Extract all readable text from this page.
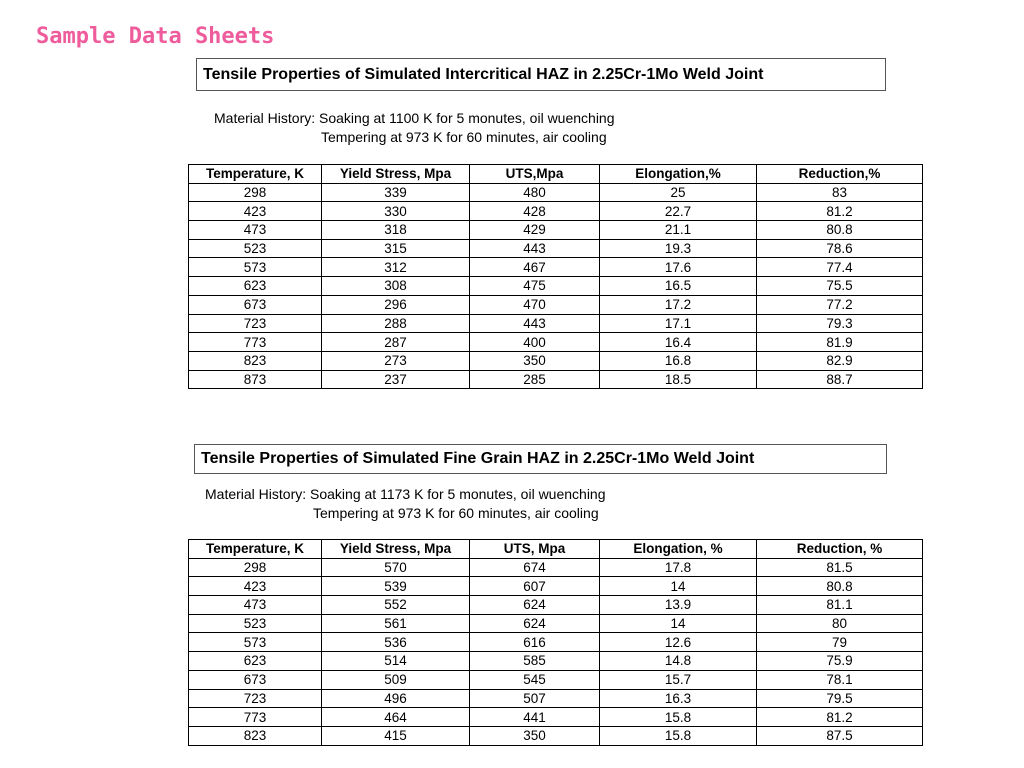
Sample Data Sheets
Tensile Properties of Simulated Intercritical HAZ in 2.25Cr-1Mo Weld Joint
Material History: Soaking at 1100 K for 5 monutes, oil wuenching
Tempering at 973 K for 60 minutes, air cooling
Temperature, K	Yield Stress, Mpa	UTS,Mpa	Elongation,%	Reduction,%
298	339	480	25	83
423	330	428	22.7	81.2
473	318	429	21.1	80.8
523	315	443	19.3	78.6
573	312	467	17.6	77.4
623	308	475	16.5	75.5
673	296	470	17.2	77.2
723	288	443	17.1	79.3
773	287	400	16.4	81.9
823	273	350	16.8	82.9
873	237	285	18.5	88.7
Tensile Properties of Simulated Fine Grain HAZ in 2.25Cr-1Mo Weld Joint
Material History: Soaking at 1173 K for 5 monutes, oil wuenching
Tempering at 973 K for 60 minutes, air cooling
Temperature, K	Yield Stress, Mpa	UTS, Mpa	Elongation, %	Reduction, %
298	570	674	17.8	81.5
423	539	607	14	80.8
473	552	624	13.9	81.1
523	561	624	14	80
573	536	616	12.6	79
623	514	585	14.8	75.9
673	509	545	15.7	78.1
723	496	507	16.3	79.5
773	464	441	15.8	81.2
823	415	350	15.8	87.5
